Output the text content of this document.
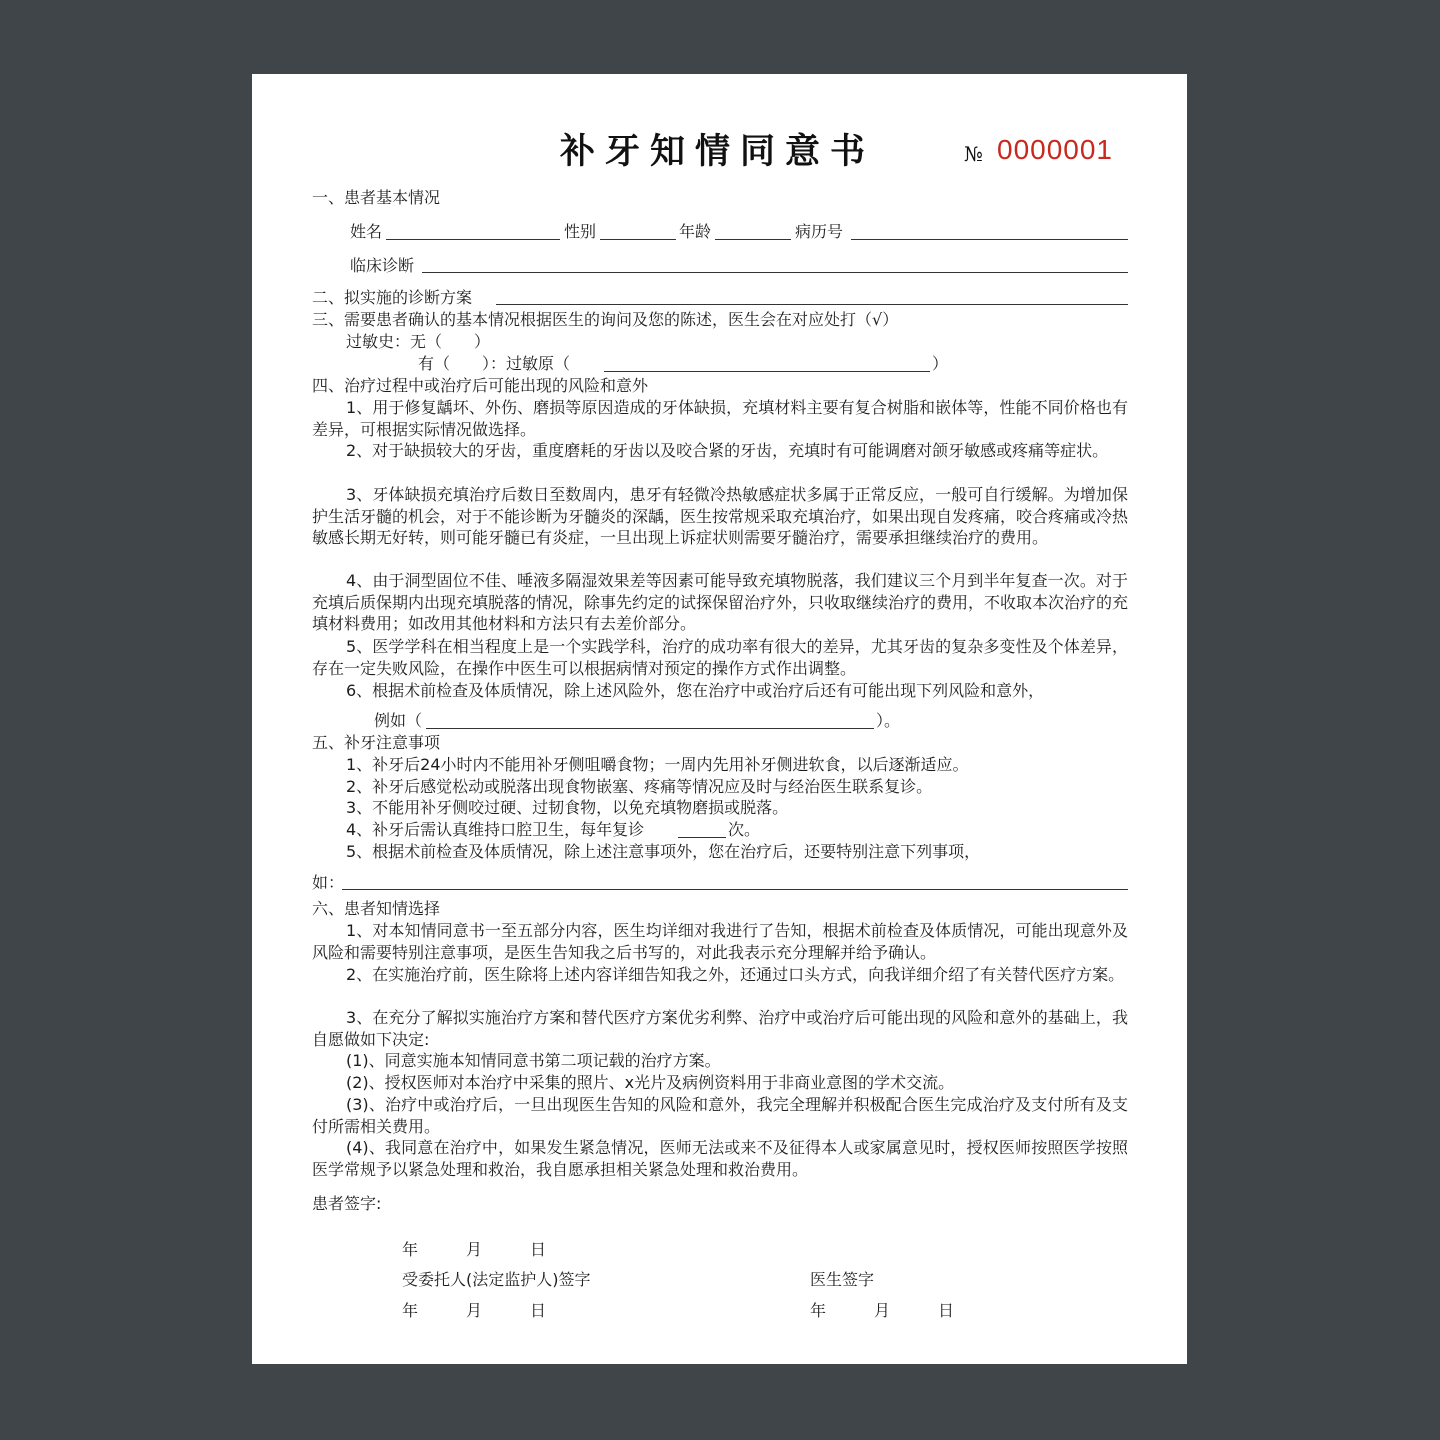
补牙知情同意书	№ 0000001
一、患者基本情况
姓名	性别	年龄	病历号
临床诊断
二、拟实施的诊断方案
三、需要患者确认的基本情况根据医生的询问及您的陈述，医生会在对应处打（√）
过敏史：无（　　）
有（　　）：过敏原（	）
四、治疗过程中或治疗后可能出现的风险和意外
1、用于修复龋坏、外伤、磨损等原因造成的牙体缺损，充填材料主要有复合树脂和嵌体等，性能不同价格也有差异，可根据实际情况做选择。
2、对于缺损较大的牙齿，重度磨耗的牙齿以及咬合紧的牙齿，充填时有可能调磨对颌牙敏感或疼痛等症状。
3、牙体缺损充填治疗后数日至数周内，患牙有轻微冷热敏感症状多属于正常反应，一般可自行缓解。为增加保护生活牙髓的机会，对于不能诊断为牙髓炎的深龋，医生按常规采取充填治疗，如果出现自发疼痛，咬合疼痛或冷热敏感长期无好转，则可能牙髓已有炎症，一旦出现上诉症状则需要牙髓治疗，需要承担继续治疗的费用。
4、由于洞型固位不佳、唾液多隔湿效果差等因素可能导致充填物脱落，我们建议三个月到半年复查一次。对于充填后质保期内出现充填脱落的情况，除事先约定的试探保留治疗外，只收取继续治疗的费用，不收取本次治疗的充填材料费用；如改用其他材料和方法只有去差价部分。
5、医学学科在相当程度上是一个实践学科，治疗的成功率有很大的差异，尤其牙齿的复杂多变性及个体差异，存在一定失败风险，在操作中医生可以根据病情对预定的操作方式作出调整。
6、根据术前检查及体质情况，除上述风险外，您在治疗中或治疗后还有可能出现下列风险和意外，
例如（	）。
五、补牙注意事项
1、补牙后24小时内不能用补牙侧咀嚼食物；一周内先用补牙侧进软食，以后逐渐适应。
2、补牙后感觉松动或脱落出现食物嵌塞、疼痛等情况应及时与经治医生联系复诊。
3、不能用补牙侧咬过硬、过韧食物，以免充填物磨损或脱落。
4、补牙后需认真维持口腔卫生，每年复诊	次。
5、根据术前检查及体质情况，除上述注意事项外，您在治疗后，还要特别注意下列事项，
如：
六、患者知情选择
1、对本知情同意书一至五部分内容，医生均详细对我进行了告知，根据术前检查及体质情况，可能出现意外及风险和需要特别注意事项，是医生告知我之后书写的，对此我表示充分理解并给予确认。
2、在实施治疗前，医生除将上述内容详细告知我之外，还通过口头方式，向我详细介绍了有关替代医疗方案。
3、在充分了解拟实施治疗方案和替代医疗方案优劣利弊、治疗中或治疗后可能出现的风险和意外的基础上，我自愿做如下决定:
(1)、同意实施本知情同意书第二项记载的治疗方案。
(2)、授权医师对本治疗中采集的照片、x光片及病例资料用于非商业意图的学术交流。
(3)、治疗中或治疗后，一旦出现医生告知的风险和意外，我完全理解并积极配合医生完成治疗及支付所有及支付所需相关费用。
(4)、我同意在治疗中，如果发生紧急情况，医师无法或来不及征得本人或家属意见时，授权医师按照医学按照医学常规予以紧急处理和救治，我自愿承担相关紧急处理和救治费用。
患者签字:
年	月	日
受委托人(法定监护人)签字	医生签字
年	月	日	年	月	日
